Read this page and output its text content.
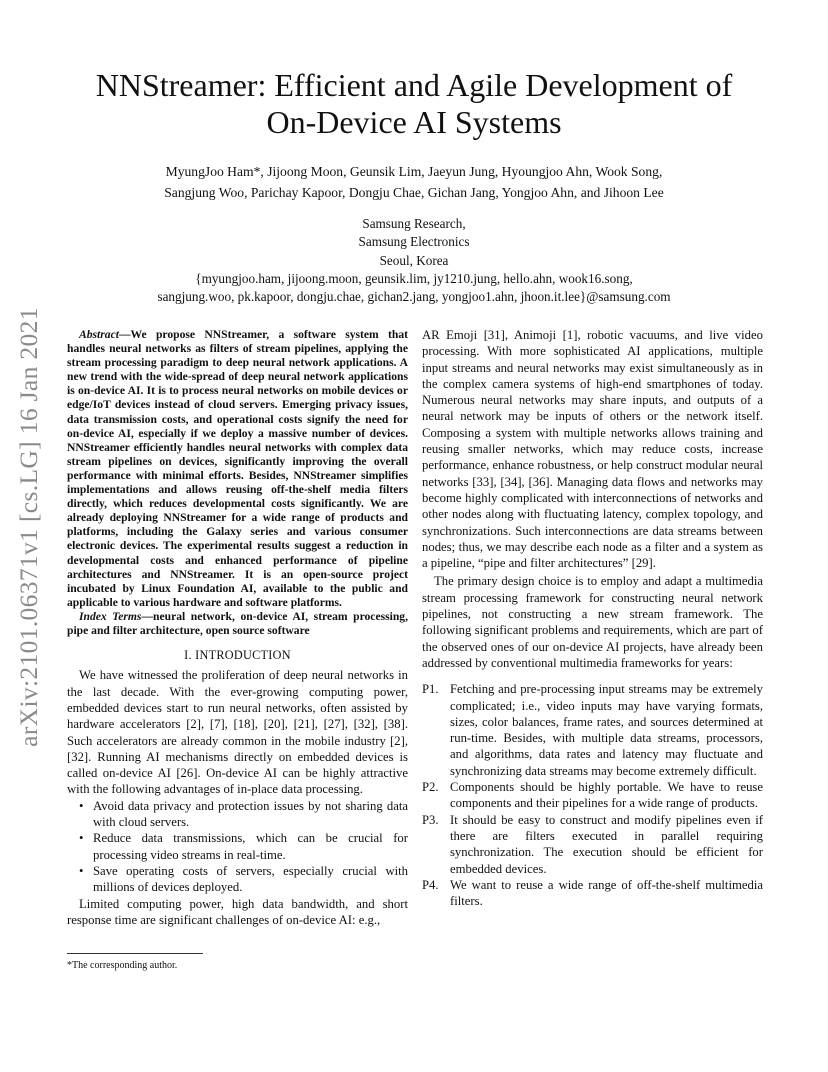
NNStreamer: Efficient and Agile Development of
On-Device AI Systems
MyungJoo Ham*, Jijoong Moon, Geunsik Lim, Jaeyun Jung, Hyoungjoo Ahn, Wook Song,
Sangjung Woo, Parichay Kapoor, Dongju Chae, Gichan Jang, Yongjoo Ahn, and Jihoon Lee
Samsung Research,
Samsung Electronics
Seoul, Korea
{myungjoo.ham, jijoong.moon, geunsik.lim, jy1210.jung, hello.ahn, wook16.song,
sangjung.woo, pk.kapoor, dongju.chae, gichan2.jang, yongjoo1.ahn, jhoon.it.lee}@samsung.com
arXiv:2101.06371v1 [cs.LG] 16 Jan 2021	Abstract—We propose NNStreamer, a software system that handles neural networks as filters of stream pipelines, applying the stream processing paradigm to deep neural network applications. A new trend with the wide-spread of deep neural network applications is on-device AI. It is to process neural networks on mobile devices or edge/IoT devices instead of cloud servers. Emerging privacy issues, data transmission costs, and operational costs signify the need for on-device AI, especially if we deploy a massive number of devices. NNStreamer efficiently handles neural networks with complex data stream pipelines on devices, significantly improving the overall performance with minimal efforts. Besides, NNStreamer simplifies implementations and allows reusing off-the-shelf media filters directly, which reduces developmental costs significantly. We are already deploying NNStreamer for a wide range of products and platforms, including the Galaxy series and various consumer electronic devices. The experimental results suggest a reduction in developmental costs and enhanced performance of pipeline architectures and NNStreamer. It is an open-source project incubated by Linux Foundation AI, available to the public and applicable to various hardware and software platforms.
Index Terms—neural network, on-device AI, stream processing, pipe and filter architecture, open source software
I. INTRODUCTION
We have witnessed the proliferation of deep neural networks in the last decade. With the ever-growing computing power, embedded devices start to run neural networks, often assisted by hardware accelerators [2], [7], [18], [20], [21], [27], [32], [38]. Such accelerators are already common in the mobile industry [2], [32]. Running AI mechanisms directly on embedded devices is called on-device AI [26]. On-device AI can be highly attractive with the following advantages of in-place data processing.
• Avoid data privacy and protection issues by not sharing data with cloud servers.
• Reduce data transmissions, which can be crucial for processing video streams in real-time.
• Save operating costs of servers, especially crucial with millions of devices deployed.
Limited computing power, high data bandwidth, and short response time are significant challenges of on-device AI: e.g.,
*The corresponding author.
AR Emoji [31], Animoji [1], robotic vacuums, and live video processing. With more sophisticated AI applications, multiple input streams and neural networks may exist simultaneously as in the complex camera systems of high-end smartphones of today. Numerous neural networks may share inputs, and outputs of a neural network may be inputs of others or the network itself. Composing a system with multiple networks allows training and reusing smaller networks, which may reduce costs, increase performance, enhance robustness, or help construct modular neural networks [33], [34], [36]. Managing data flows and networks may become highly complicated with interconnections of networks and other nodes along with fluctuating latency, complex topology, and synchronizations. Such interconnections are data streams between nodes; thus, we may describe each node as a filter and a system as a pipeline, “pipe and filter architectures” [29].
The primary design choice is to employ and adapt a multimedia stream processing framework for constructing neural network pipelines, not constructing a new stream framework. The following significant problems and requirements, which are part of the observed ones of our on-device AI projects, have already been addressed by conventional multimedia frameworks for years:
P1. Fetching and pre-processing input streams may be extremely complicated; i.e., video inputs may have varying formats, sizes, color balances, frame rates, and sources determined at run-time. Besides, with multiple data streams, processors, and algorithms, data rates and latency may fluctuate and synchronizing data streams may become extremely difficult.
P2. Components should be highly portable. We have to reuse components and their pipelines for a wide range of products.
P3. It should be easy to construct and modify pipelines even if there are filters executed in parallel requiring synchronization. The execution should be efficient for embedded devices.
P4. We want to reuse a wide range of off-the-shelf multimedia filters.
